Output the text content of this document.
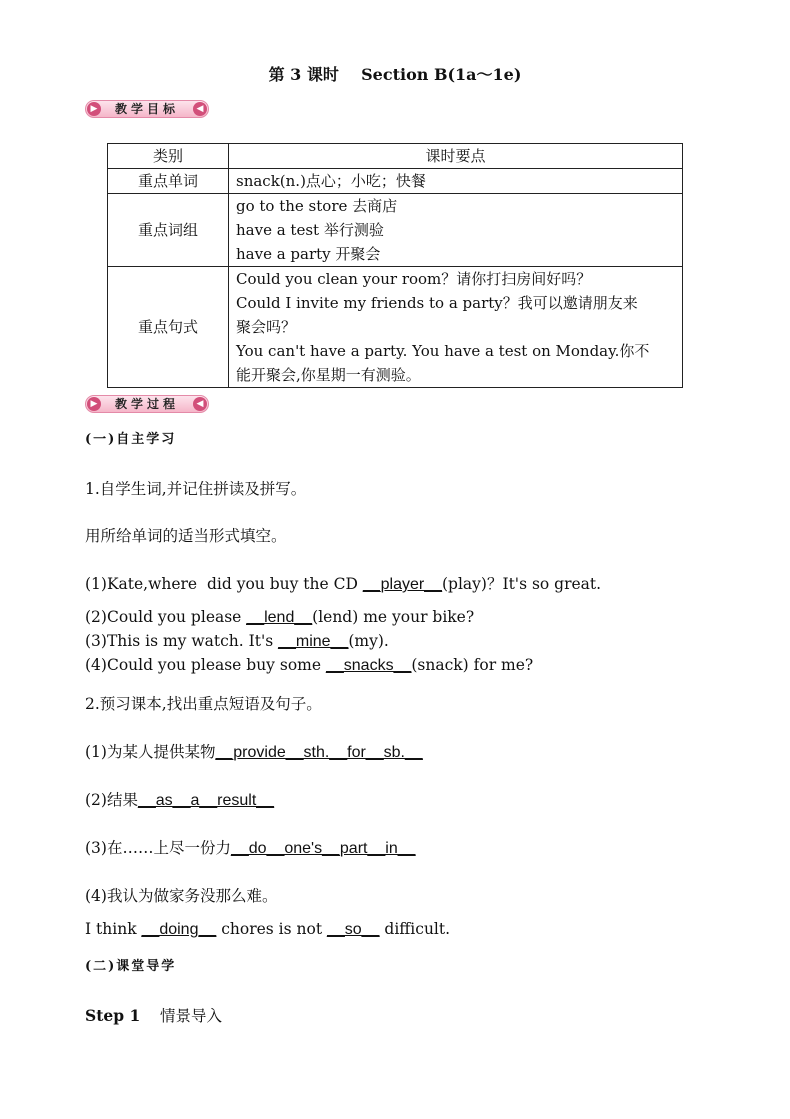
第 3 课时    Section B(1a～1e)
▶	教学目标	◀
类别	课时要点
重点单词	snack(n.)点心；小吃；快餐

重点词组	go to the store 去商店
have a test 举行测验
have a party 开聚会

重点句式	Could you clean your room？请你打扫房间好吗？
Could I invite my friends to a party？我可以邀请朋友来
聚会吗？
You can't have a party. You have a test on Monday.你不
能开聚会,你星期一有测验。
▶	教学过程	◀
(一)自主学习
1.自学生词,并记住拼读及拼写。
用所给单词的适当形式填空。
(1)Kate,where  did you buy the CD __player__(play)？It's so great.
(2)Could you please __lend__(lend) me your bike?
(3)This is my watch. It's __mine__(my).
(4)Could you please buy some __snacks__(snack) for me?
2.预习课本,找出重点短语及句子。
(1)为某人提供某物__provide__sth.__for__sb.__
(2)结果__as__a__result__
(3)在……上尽一份力__do__one's__part__in__
(4)我认为做家务没那么难。
I think __doing__ chores is not __so__ difficult.
(二)课堂导学
Step 1 情景导入
